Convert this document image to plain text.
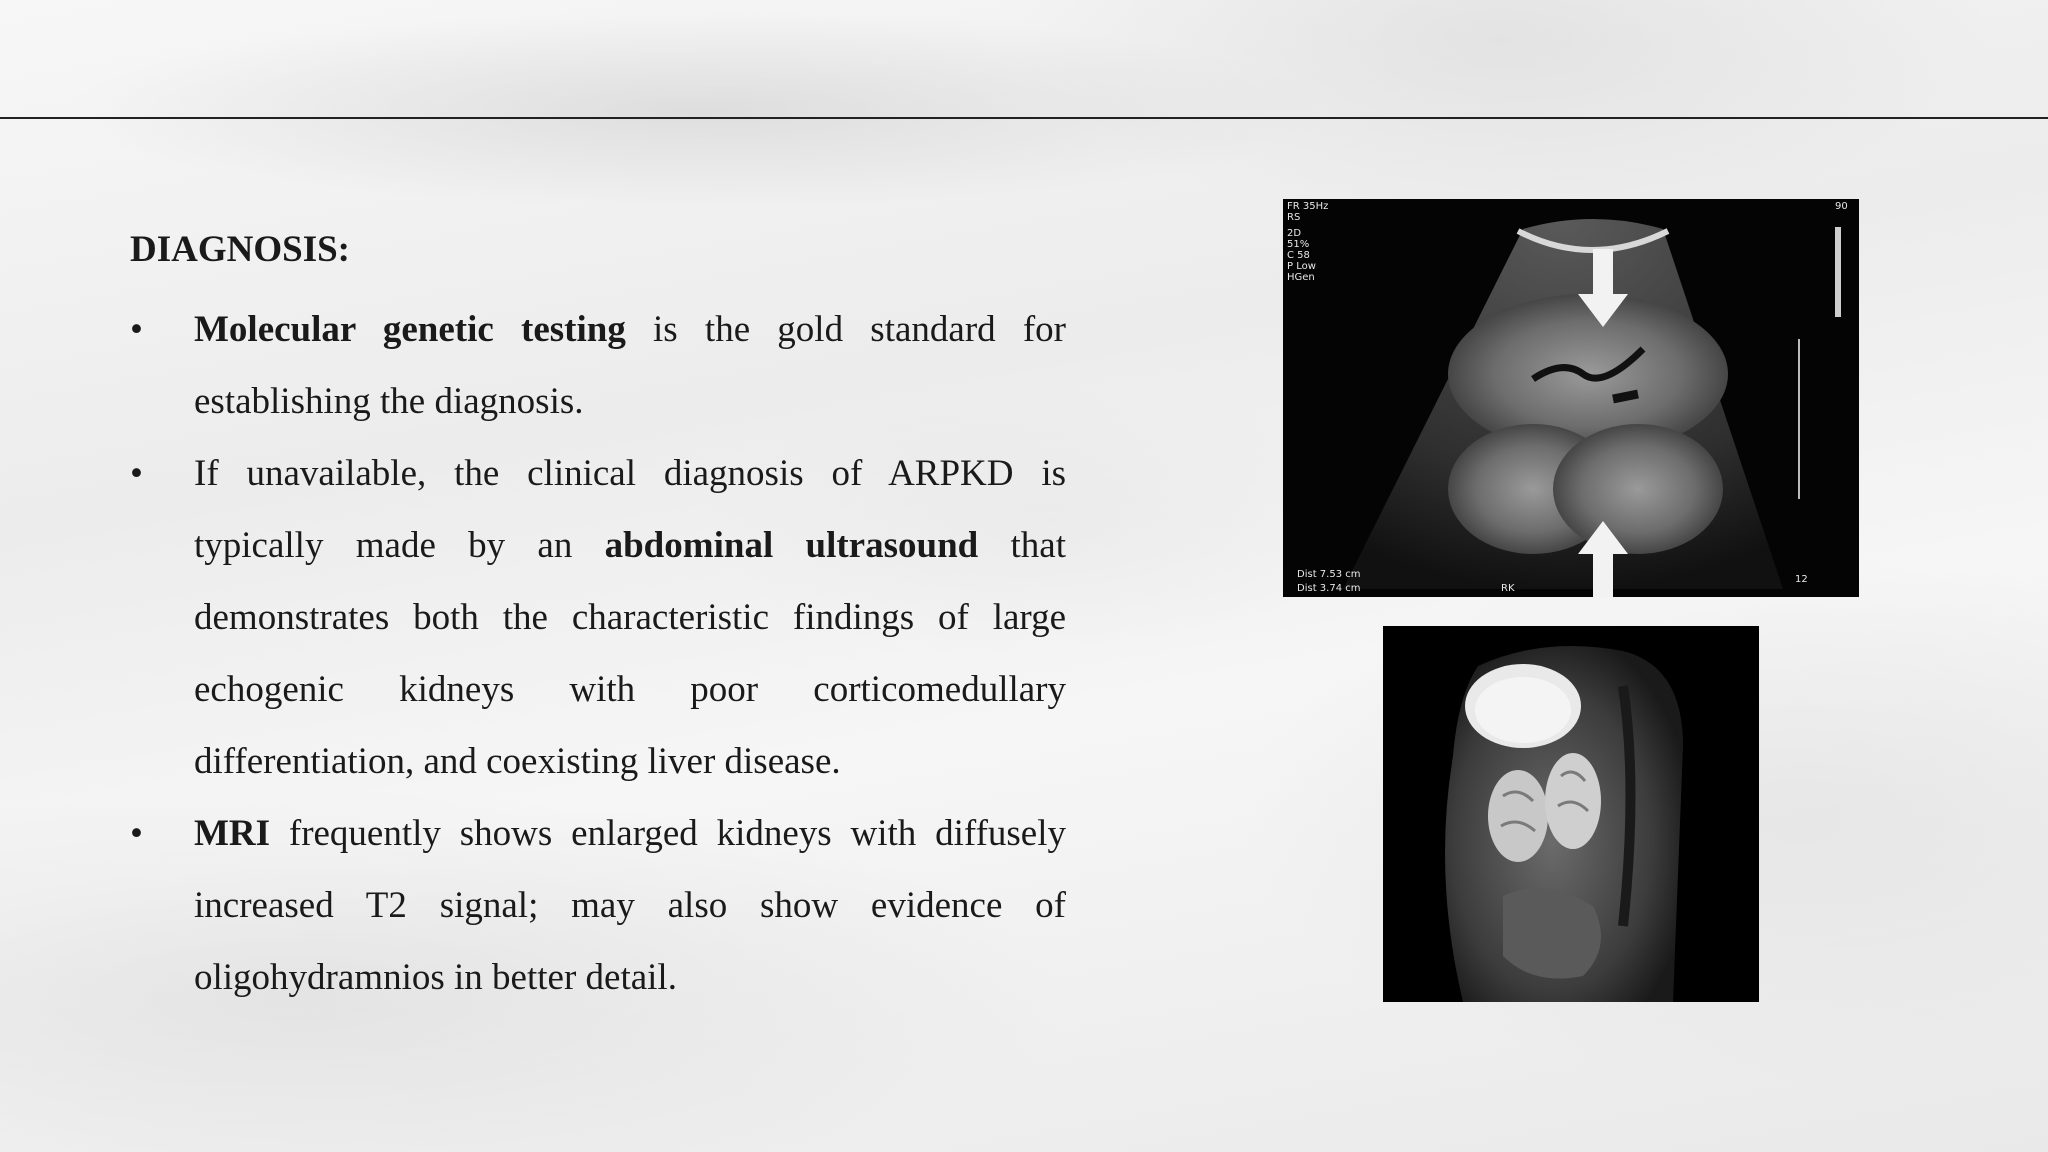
DIAGNOSIS:
•	Molecular genetic testing is the gold standard for establishing the diagnosis.
•	If unavailable, the clinical diagnosis of ARPKD is typically made by an abdominal ultrasound that demonstrates both the characteristic findings of large echogenic kidneys with poor corticomedullary differentiation, and coexisting liver disease.
•	MRI frequently shows enlarged kidneys with diffusely increased T2 signal; may also show evidence of oligohydramnios in better detail.
FR 35Hz
RS
2D
51%
C 58
P Low
HGen
90
12
Dist 7.53 cm
Dist 3.74 cm	RK
